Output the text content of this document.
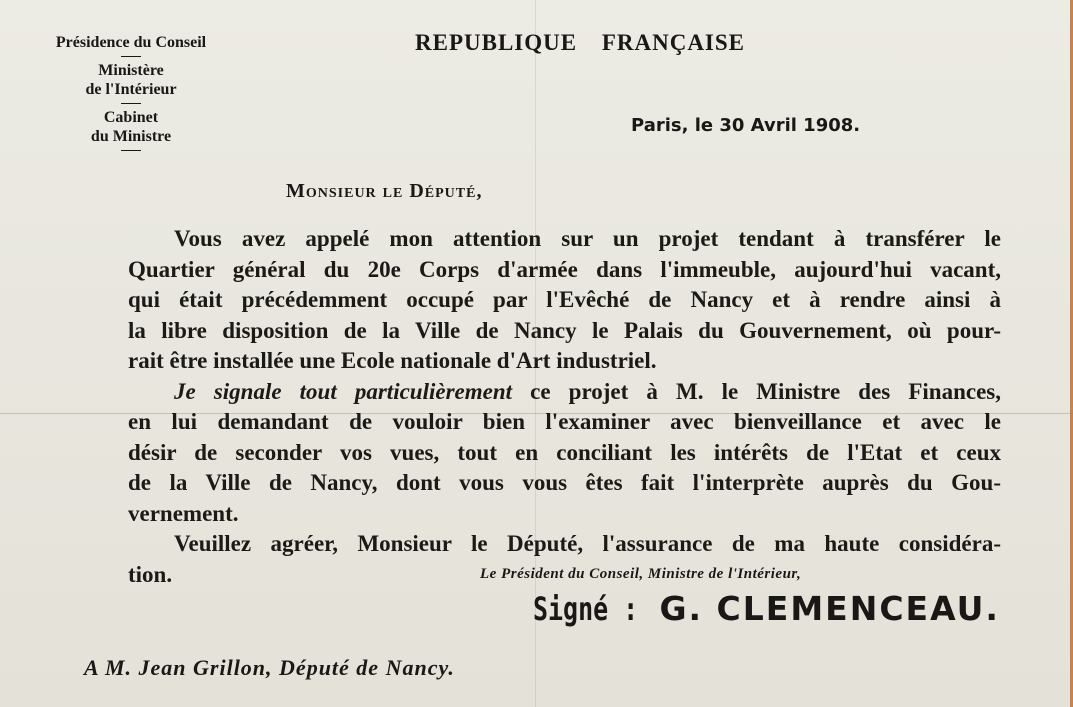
Présidence du Conseil
Ministère
de l'Intérieur
Cabinet
du Ministre
REPUBLIQUE FRANÇAISE
Paris, le 30 Avril 1908.
Monsieur le Député,
Vous avez appelé mon attention sur un projet tendant à transférer le
Quartier général du 20e Corps d'armée dans l'immeuble, aujourd'hui vacant,
qui était précédemment occupé par l'Evêché de Nancy et à rendre ainsi à
la libre disposition de la Ville de Nancy le Palais du Gouvernement, où pour-
rait être installée une Ecole nationale d'Art industriel.
Je signale tout particulièrement ce projet à M. le Ministre des Finances,
en lui demandant de vouloir bien l'examiner avec bienveillance et avec le
désir de seconder vos vues, tout en conciliant les intérêts de l'Etat et ceux
de la Ville de Nancy, dont vous vous êtes fait l'interprète auprès du Gou-
vernement.
Veuillez agréer, Monsieur le Député, l'assurance de ma haute considéra-
tion.	Le Président du Conseil, Ministre de l'Intérieur,
Signé : G. CLEMENCEAU.
A M. Jean Grillon, Député de Nancy.
